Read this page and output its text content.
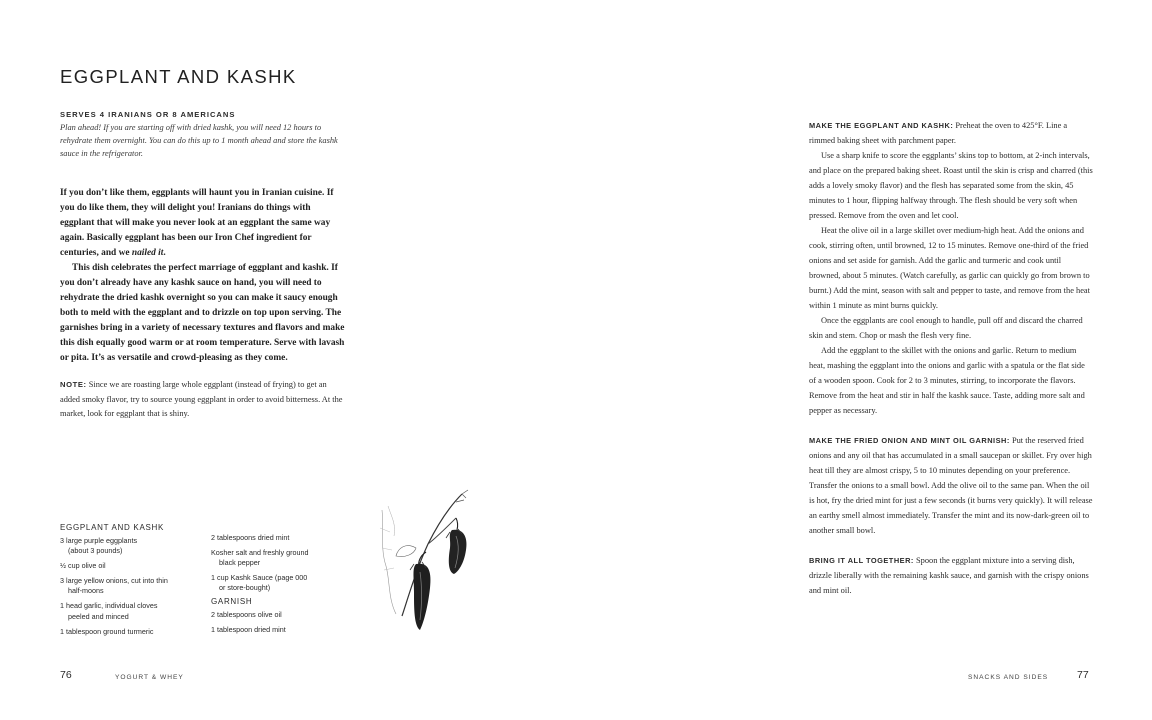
EGGPLANT AND KASHK
SERVES 4 IRANIANS OR 8 AMERICANS
Plan ahead! If you are starting off with dried kashk, you will need 12 hours to rehydrate them overnight. You can do this up to 1 month ahead and store the kashk sauce in the refrigerator.

If you don’t like them, eggplants will haunt you in Iranian cuisine. If you do like them, they will delight you! Iranians do things with eggplant that will make you never look at an eggplant the same way again. Basically eggplant has been our Iron Chef ingredient for centuries, and we nailed it.

This dish celebrates the perfect marriage of eggplant and kashk. If you don’t already have any kashk sauce on hand, you will need to rehydrate the dried kashk overnight so you can make it saucy enough both to meld with the eggplant and to drizzle on top upon serving. The garnishes bring in a variety of necessary textures and flavors and make this dish equally good warm or at room temperature. Serve with lavash or pita. It’s as versatile and crowd-pleasing as they come.

NOTE: Since we are roasting large whole eggplant (instead of frying) to get an added smoky flavor, try to source young eggplant in order to avoid bitterness. At the market, look for eggplant that is shiny.
EGGPLANT AND KASHK
3 large purple eggplants
(about 3 pounds)
½ cup olive oil
3 large yellow onions, cut into thin
half-moons
1 head garlic, individual cloves
peeled and minced
1 tablespoon ground turmeric
2 tablespoons dried mint
Kosher salt and freshly ground
black pepper
1 cup Kashk Sauce (page 000
or store-bought)
GARNISH
2 tablespoons olive oil
1 tablespoon dried mint

MAKE THE EGGPLANT AND KASHK: Preheat the oven to 425°F. Line a rimmed baking sheet with parchment paper.

Use a sharp knife to score the eggplants’ skins top to bottom, at 2-inch intervals, and place on the prepared baking sheet. Roast until the skin is crisp and charred (this adds a lovely smoky flavor) and the flesh has separated some from the skin, 45 minutes to 1 hour, flipping halfway through. The flesh should be very soft when pressed. Remove from the oven and let cool.

Heat the olive oil in a large skillet over medium-high heat. Add the onions and cook, stirring often, until browned, 12 to 15 minutes. Remove one-third of the fried onions and set aside for garnish. Add the garlic and turmeric and cook until browned, about 5 minutes. (Watch carefully, as garlic can quickly go from brown to burnt.) Add the mint, season with salt and pepper to taste, and remove from the heat within 1 minute as mint burns quickly.

Once the eggplants are cool enough to handle, pull off and discard the charred skin and stem. Chop or mash the flesh very fine.

Add the eggplant to the skillet with the onions and garlic. Return to medium heat, mashing the eggplant into the onions and garlic with a spatula or the flat side of a wooden spoon. Cook for 2 to 3 minutes, stirring, to incorporate the flavors. Remove from the heat and stir in half the kashk sauce. Taste, adding more salt and pepper as necessary.

MAKE THE FRIED ONION AND MINT OIL GARNISH: Put the reserved fried onions and any oil that has accumulated in a small saucepan or skillet. Fry over high heat till they are almost crispy, 5 to 10 minutes depending on your preference. Transfer the onions to a small bowl. Add the olive oil to the same pan. When the oil is hot, fry the dried mint for just a few seconds (it burns very quickly). It will release an earthy smell almost immediately. Transfer the mint and its now-dark-green oil to another small bowl.

BRING IT ALL TOGETHER: Spoon the eggplant mixture into a serving dish, drizzle liberally with the remaining kashk sauce, and garnish with the crispy onions and mint oil.

76	YOGURT & WHEY	SNACKS AND SIDES	77
